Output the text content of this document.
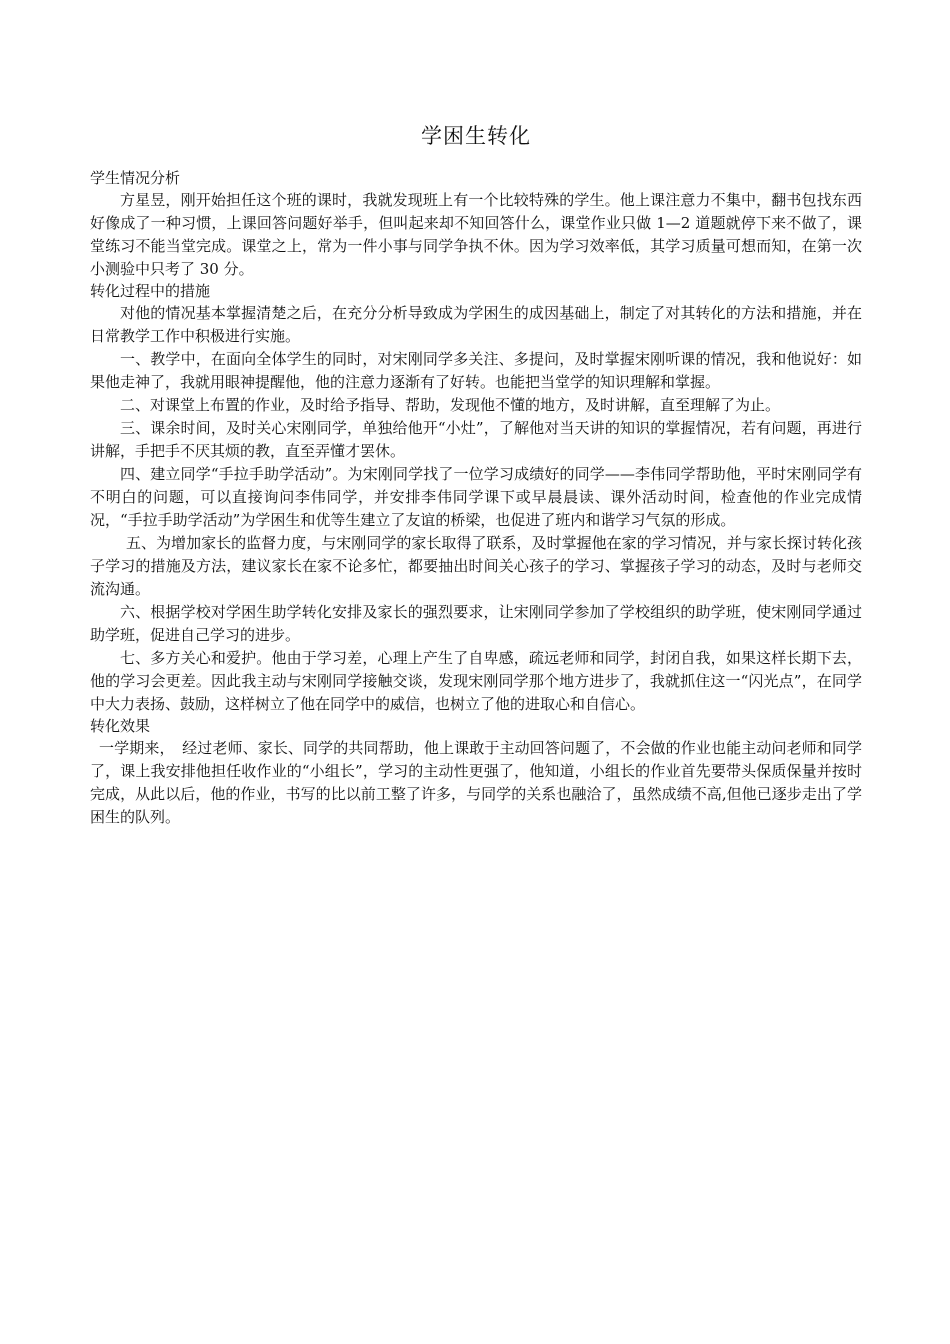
学困生转化

学生情况分析

方星昱，刚开始担任这个班的课时，我就发现班上有一个比较特殊的学生。他上课注意力不集中，翻书包找东西好像成了一种习惯，上课回答问题好举手，但叫起来却不知回答什么，课堂作业只做 1—2 道题就停下来不做了，课堂练习不能当堂完成。课堂之上，常为一件小事与同学争执不休。因为学习效率低，其学习质量可想而知，在第一次小测验中只考了 30 分。

转化过程中的措施

对他的情况基本掌握清楚之后，在充分分析导致成为学困生的成因基础上，制定了对其转化的方法和措施，并在日常教学工作中积极进行实施。

一、教学中，在面向全体学生的同时，对宋刚同学多关注、多提问，及时掌握宋刚听课的情况，我和他说好：如果他走神了，我就用眼神提醒他，他的注意力逐渐有了好转。也能把当堂学的知识理解和掌握。

二、对课堂上布置的作业，及时给予指导、帮助，发现他不懂的地方，及时讲解，直至理解了为止。

三、课余时间，及时关心宋刚同学，单独给他开“小灶”，了解他对当天讲的知识的掌握情况，若有问题，再进行讲解，手把手不厌其烦的教，直至弄懂才罢休。

四、建立同学“手拉手助学活动”。为宋刚同学找了一位学习成绩好的同学——李伟同学帮助他，平时宋刚同学有不明白的问题，可以直接询问李伟同学，并安排李伟同学课下或早晨晨读、课外活动时间，检查他的作业完成情况，“手拉手助学活动”为学困生和优等生建立了友谊的桥梁，也促进了班内和谐学习气氛的形成。

五、为增加家长的监督力度，与宋刚同学的家长取得了联系，及时掌握他在家的学习情况，并与家长探讨转化孩子学习的措施及方法，建议家长在家不论多忙，都要抽出时间关心孩子的学习、掌握孩子学习的动态，及时与老师交流沟通。

六、根据学校对学困生助学转化安排及家长的强烈要求，让宋刚同学参加了学校组织的助学班，使宋刚同学通过助学班，促进自己学习的进步。

七、多方关心和爱护。他由于学习差，心理上产生了自卑感，疏远老师和同学，封闭自我，如果这样长期下去，他的学习会更差。因此我主动与宋刚同学接触交谈，发现宋刚同学那个地方进步了，我就抓住这一“闪光点”，在同学中大力表扬、鼓励，这样树立了他在同学中的威信，也树立了他的进取心和自信心。

转化效果

一学期来，　经过老师、家长、同学的共同帮助，他上课敢于主动回答问题了，不会做的作业也能主动问老师和同学了，课上我安排他担任收作业的“小组长”，学习的主动性更强了，他知道，小组长的作业首先要带头保质保量并按时完成，从此以后，他的作业，书写的比以前工整了许多，与同学的关系也融洽了，虽然成绩不高,但他已逐步走出了学困生的队列。
